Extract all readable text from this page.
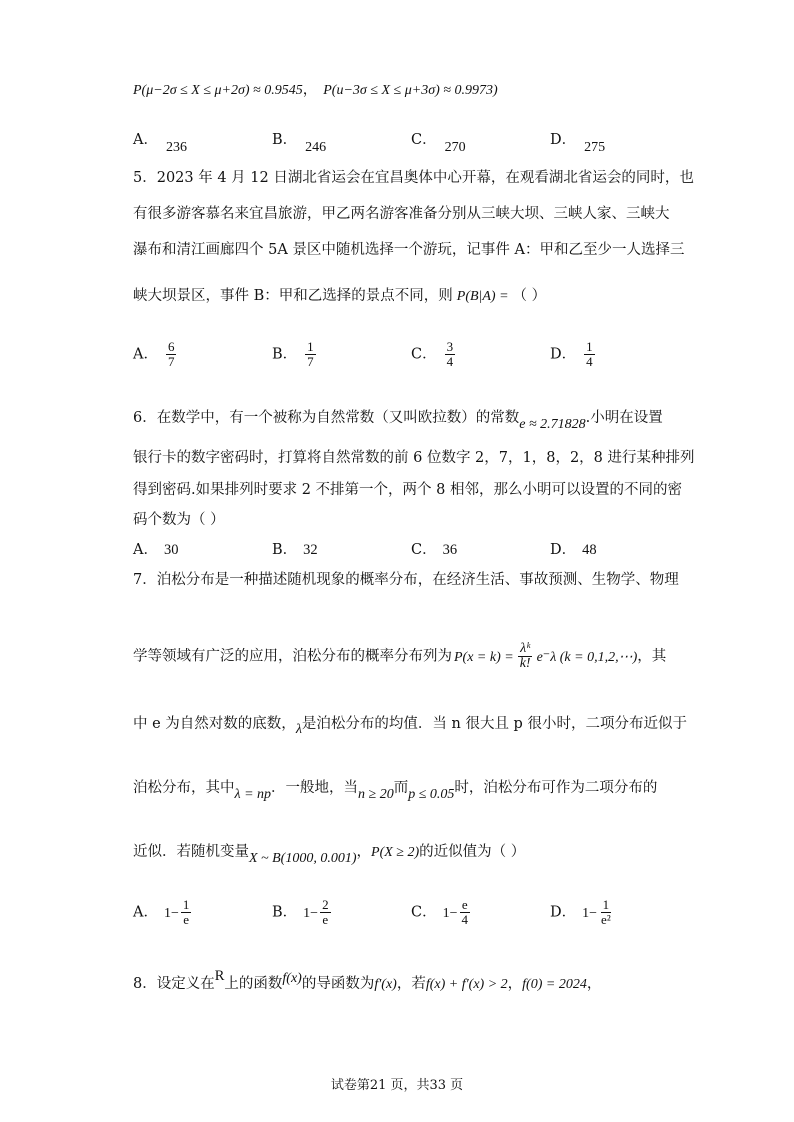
P(μ−2σ ≤ X ≤ μ+2σ) ≈ 0.9545， P(u−3σ ≤ X ≤ μ+3σ) ≈ 0.9973)
A． 236	B． 246	C． 270	D． 275
5．2023 年 4 月 12 日湖北省运会在宜昌奥体中心开幕，在观看湖北省运会的同时，也
有很多游客慕名来宜昌旅游，甲乙两名游客准备分别从三峡大坝、三峡人家、三峡大
瀑布和清江画廊四个 5A 景区中随机选择一个游玩，记事件 A：甲和乙至少一人选择三
峡大坝景区，事件 B：甲和乙选择的景点不同，则 P(B|A) = （ ）
A． $\frac{6}{7}$	B． $\frac{1}{7}$	C． $\frac{3}{4}$	D． $\frac{1}{4}$
6．在数学中，有一个被称为自然常数（又叫欧拉数）的常数e ≈ 2.71828.小明在设置
银行卡的数字密码时，打算将自然常数的前 6 位数字 2，7，1，8，2，8 进行某种排列
得到密码.如果排列时要求 2 不排第一个，两个 8 相邻，那么小明可以设置的不同的密
码个数为（ ）
A． 30	B． 32	C． 36	D． 48
7．泊松分布是一种描述随机现象的概率分布，在经济生活、事故预测、生物学、物理
学等领域有广泛的应用，泊松分布的概率分布列为 $P(x = k) = \frac{\text{λᵏ}}{k!} e^-\lambda$ (k = 0,1,2,⋯)，其
中 e 为自然对数的底数，λ是泊松分布的均值．当 n 很大且 p 很小时，二项分布近似于
泊松分布，其中λ = np．一般地，当n ≥ 20而p ≤ 0.05时，泊松分布可作为二项分布的
近似．若随机变量X ~ B(1000, 0.001)，P(X ≥ 2)的近似值为（ ）
A． $1- \frac{1}{e}$	B． $1- \frac{2}{e}$	C． $1- \frac{e}{4}$	D． $1- \frac{1}{\text{e²}}$
8．设定义在R上的函数f(x)的导函数为f′(x)，若f(x) + f′(x) > 2，f(0) = 2024，
试卷第21 页，共33 页
